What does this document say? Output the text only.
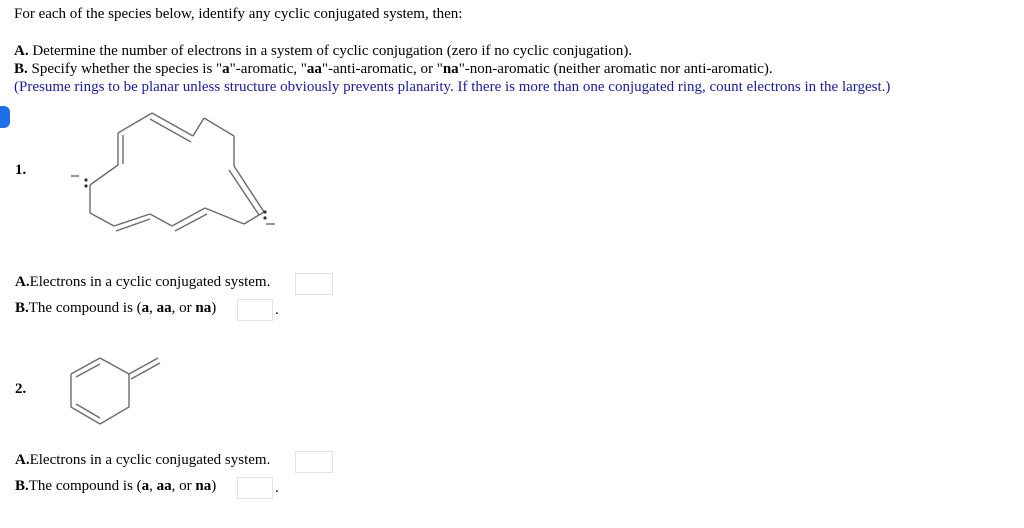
For each of the species below, identify any cyclic conjugated system, then:
A. Determine the number of electrons in a system of cyclic conjugation (zero if no cyclic conjugation).
B. Specify whether the species is "a"-aromatic, "aa"-anti-aromatic, or "na"-non-aromatic (neither aromatic nor anti-aromatic).
(Presume rings to be planar unless structure obviously prevents planarity. If there is more than one conjugated ring, count electrons in the largest.)
1.
A.Electrons in a cyclic conjugated system.
B.The compound is (a, aa, or na)	.
2.
A.Electrons in a cyclic conjugated system.
B.The compound is (a, aa, or na)	.
